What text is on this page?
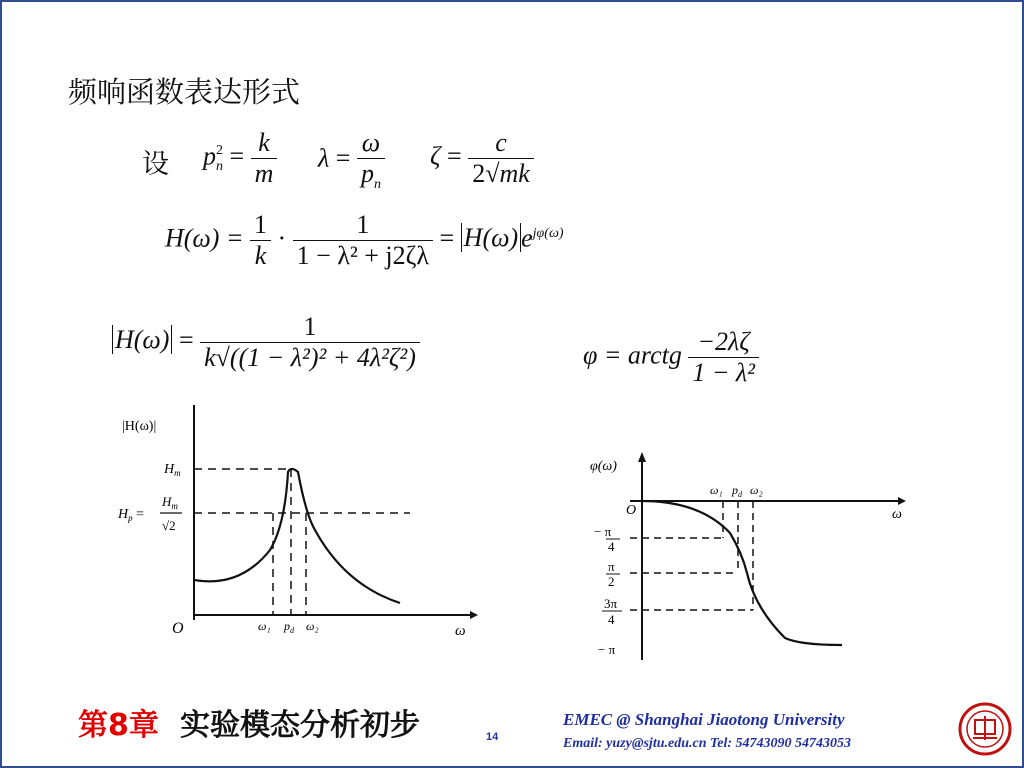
频响函数表达形式
设 p 2
$n = \frac{k}{m}$ $\lambda = \frac{\omega}{p_n}$ $\zeta = \frac{c}{2√mk}$
$H(\omega) = \frac{1}{k} \cdot \frac{1}{\text{1 − λ² + j2ζλ}} = H(\omega)$ $e^{j\varphi(\omega)}$
$H(\omega) = \frac{1}{\text{k√((1 − λ²)² + 4λ²ζ²)}}$	φ = arctg $\frac{-2\lambda\zeta}{\text{1 − λ²}}$
|H(ω)|
ω
O
$H_m$
$H_p$ =
$H_m$
√2
ω₁ $p_d$ ω₂
φ(ω)
ω
O
ω₁ $p_d$ ω₂
− π
4
π
2
3π
4
− π
第8章 实验模态分析初步	14
EMEC @ Shanghai Jiaotong University
Email: yuzy@sjtu.edu.cn Tel: 54743090 54743053
